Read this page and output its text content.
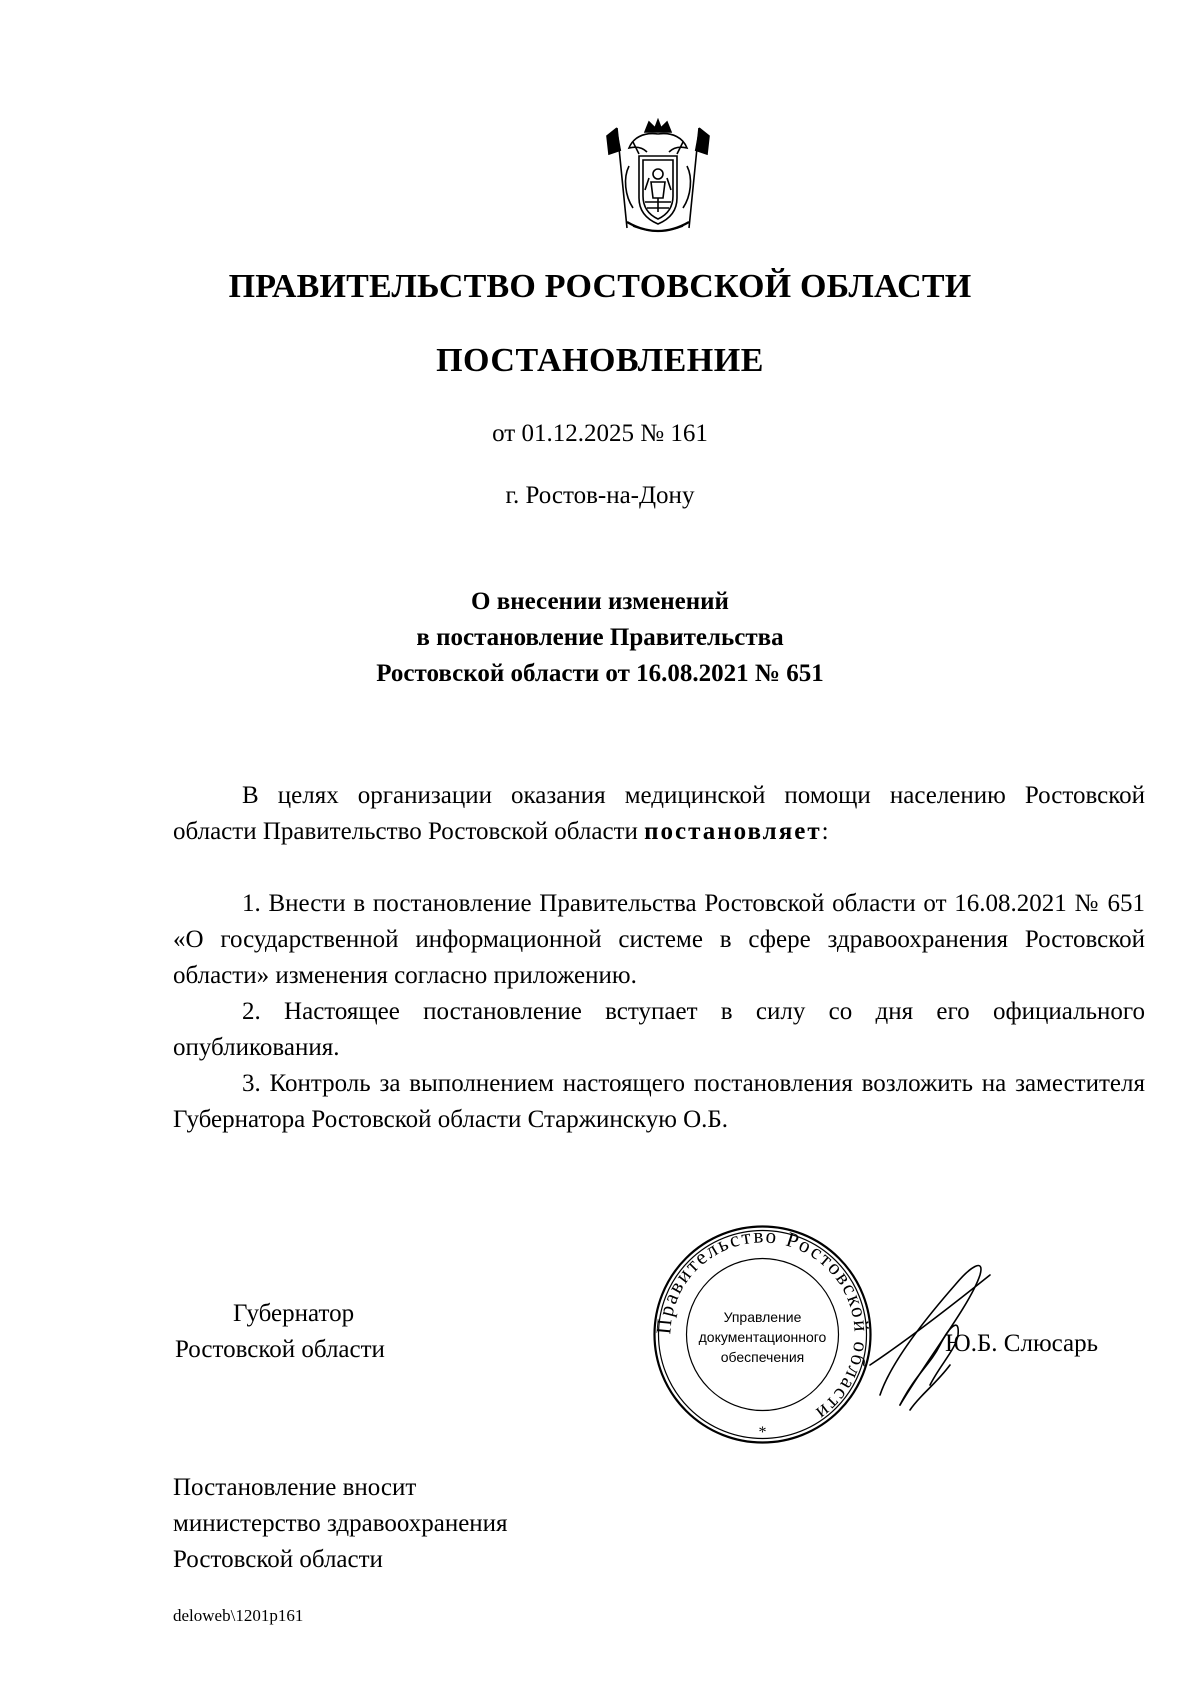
ПРАВИТЕЛЬСТВО РОСТОВСКОЙ ОБЛАСТИ
ПОСТАНОВЛЕНИЕ
от 01.12.2025 № 161
г. Ростов-на-Дону
О внесении изменений
в постановление Правительства
Ростовской области от 16.08.2021 № 651

В целях организации оказания медицинской помощи населению Ростовской области Правительство Ростовской области постановляет:

1. Внести в постановление Правительства Ростовской области от 16.08.2021 № 651 «О государственной информационной системе в сфере здравоохранения Ростовской области» изменения согласно приложению.

2. Настоящее постановление вступает в силу со дня его официального опубликования.

3. Контроль за выполнением настоящего постановления возложить на заместителя Губернатора Ростовской области Старжинскую О.Б.

Губернатор
Ростовской области
Правительство Ростовской области
*
Управление
документационного
обеспечения	Ю.Б. Слюсарь
Постановление вносит
министерство здравоохранения
Ростовской области
deloweb\1201p161
